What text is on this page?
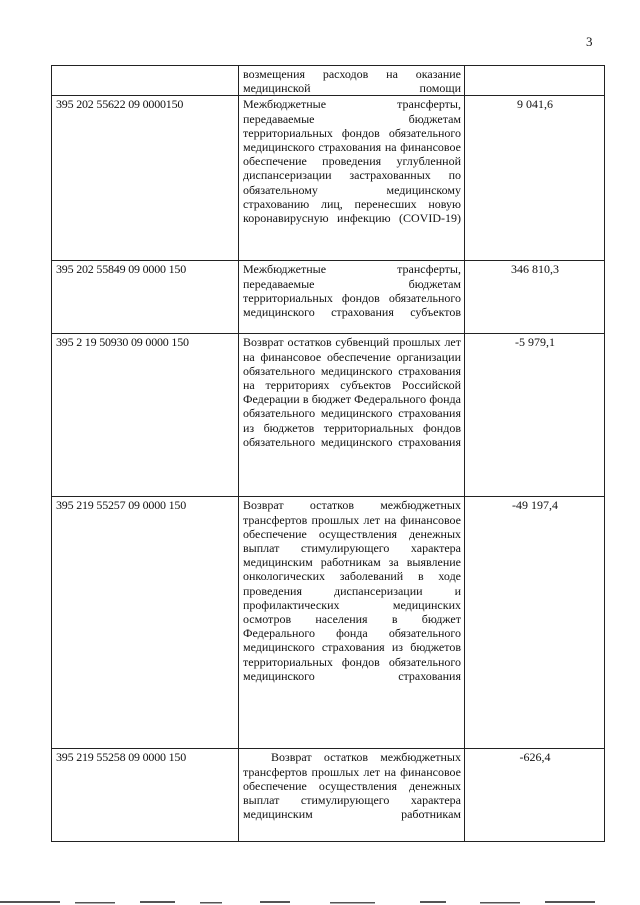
3
	возмещения расходов на оказание медицинской помощи	
395 202 55622 09 0000150	Межбюджетные трансферты, передаваемые бюджетам территориальных фондов обязательного медицинского страхования на финансовое обеспечение проведения углубленной диспансеризации застрахованных по обязательному медицинскому страхованию лиц, перенесших новую коронавирусную инфекцию (COVID-19)	9 041,6
395 202 55849 09 0000 150	Межбюджетные трансферты, передаваемые бюджетам территориальных фондов обязательного медицинского страхования субъектов	346 810,3
395 2 19 50930 09 0000 150	Возврат остатков субвенций прошлых лет на финансовое обеспечение организации обязательного медицинского страхования на территориях субъектов Российской Федерации в бюджет Федерального фонда обязательного медицинского страхования из бюджетов территориальных фондов обязательного медицинского страхования	-5 979,1
395 219 55257 09 0000 150	Возврат остатков межбюджетных трансфертов прошлых лет на финансовое обеспечение осуществления денежных выплат стимулирующего характера медицинским работникам за выявление онкологических заболеваний в ходе проведения диспансеризации и профилактических медицинских осмотров населения в бюджет Федерального фонда обязательного медицинского страхования из бюджетов территориальных фондов обязательного медицинского страхования	-49 197,4
395 219 55258 09 0000 150	Возврат остатков межбюджетных трансфертов прошлых лет на финансовое обеспечение осуществления денежных выплат стимулирующего характера медицинским работникам	-626,4
